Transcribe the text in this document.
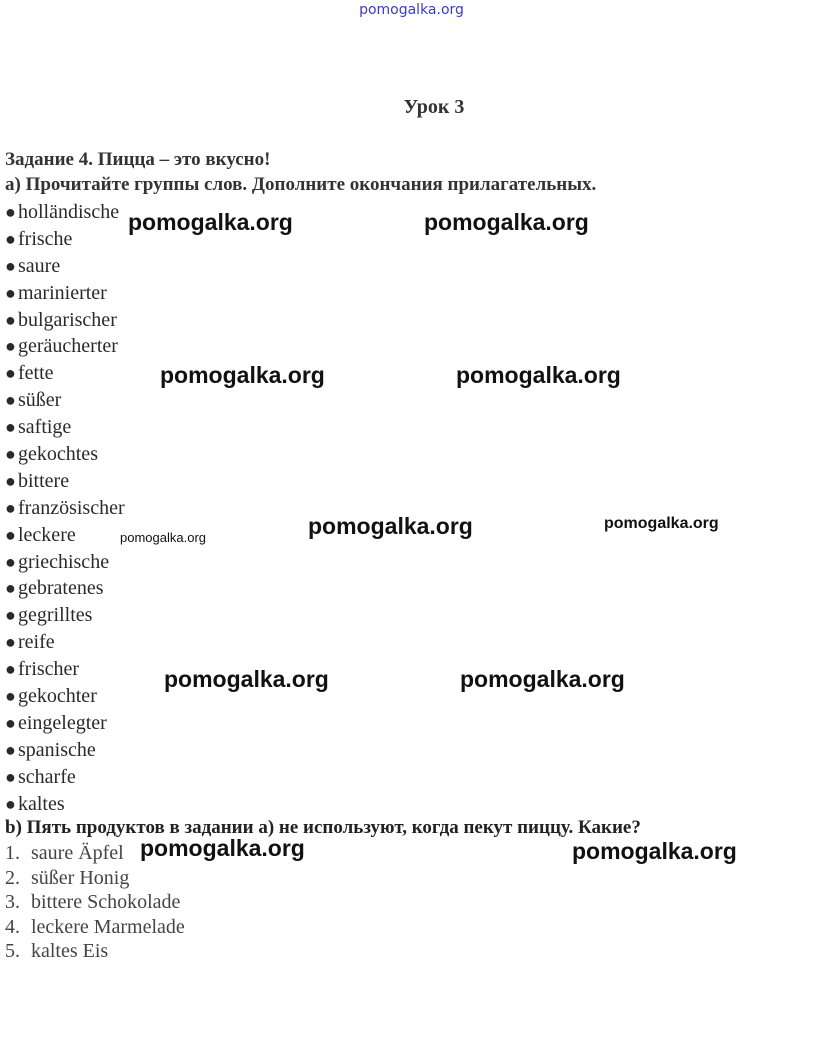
pomogalka.org
Урок 3
Задание 4. Пицца – это вкусно!
a) Прочитайте группы слов. Дополните окончания прилагательных.
● holländische
● frische
● saure
● marinierter
● bulgarischer
● geräucherter
● fette
● süßer
● saftige
● gekochtes
● bittere
● französischer
● leckere
● griechische
● gebratenes
● gegrilltes
● reife
● frischer
● gekochter
● eingelegter
● spanische
● scharfe
● kaltes
b) Пять продуктов в задании а) не используют, когда пекут пиццу. Какие?
1. saure Äpfel
2. süßer Honig
3. bittere Schokolade
4. leckere Marmelade
5. kaltes Eis
pomogalka.org	pomogalka.org
pomogalka.org	pomogalka.org
pomogalka.org	pomogalka.org	pomogalka.org
pomogalka.org	pomogalka.org
pomogalka.org	pomogalka.org
